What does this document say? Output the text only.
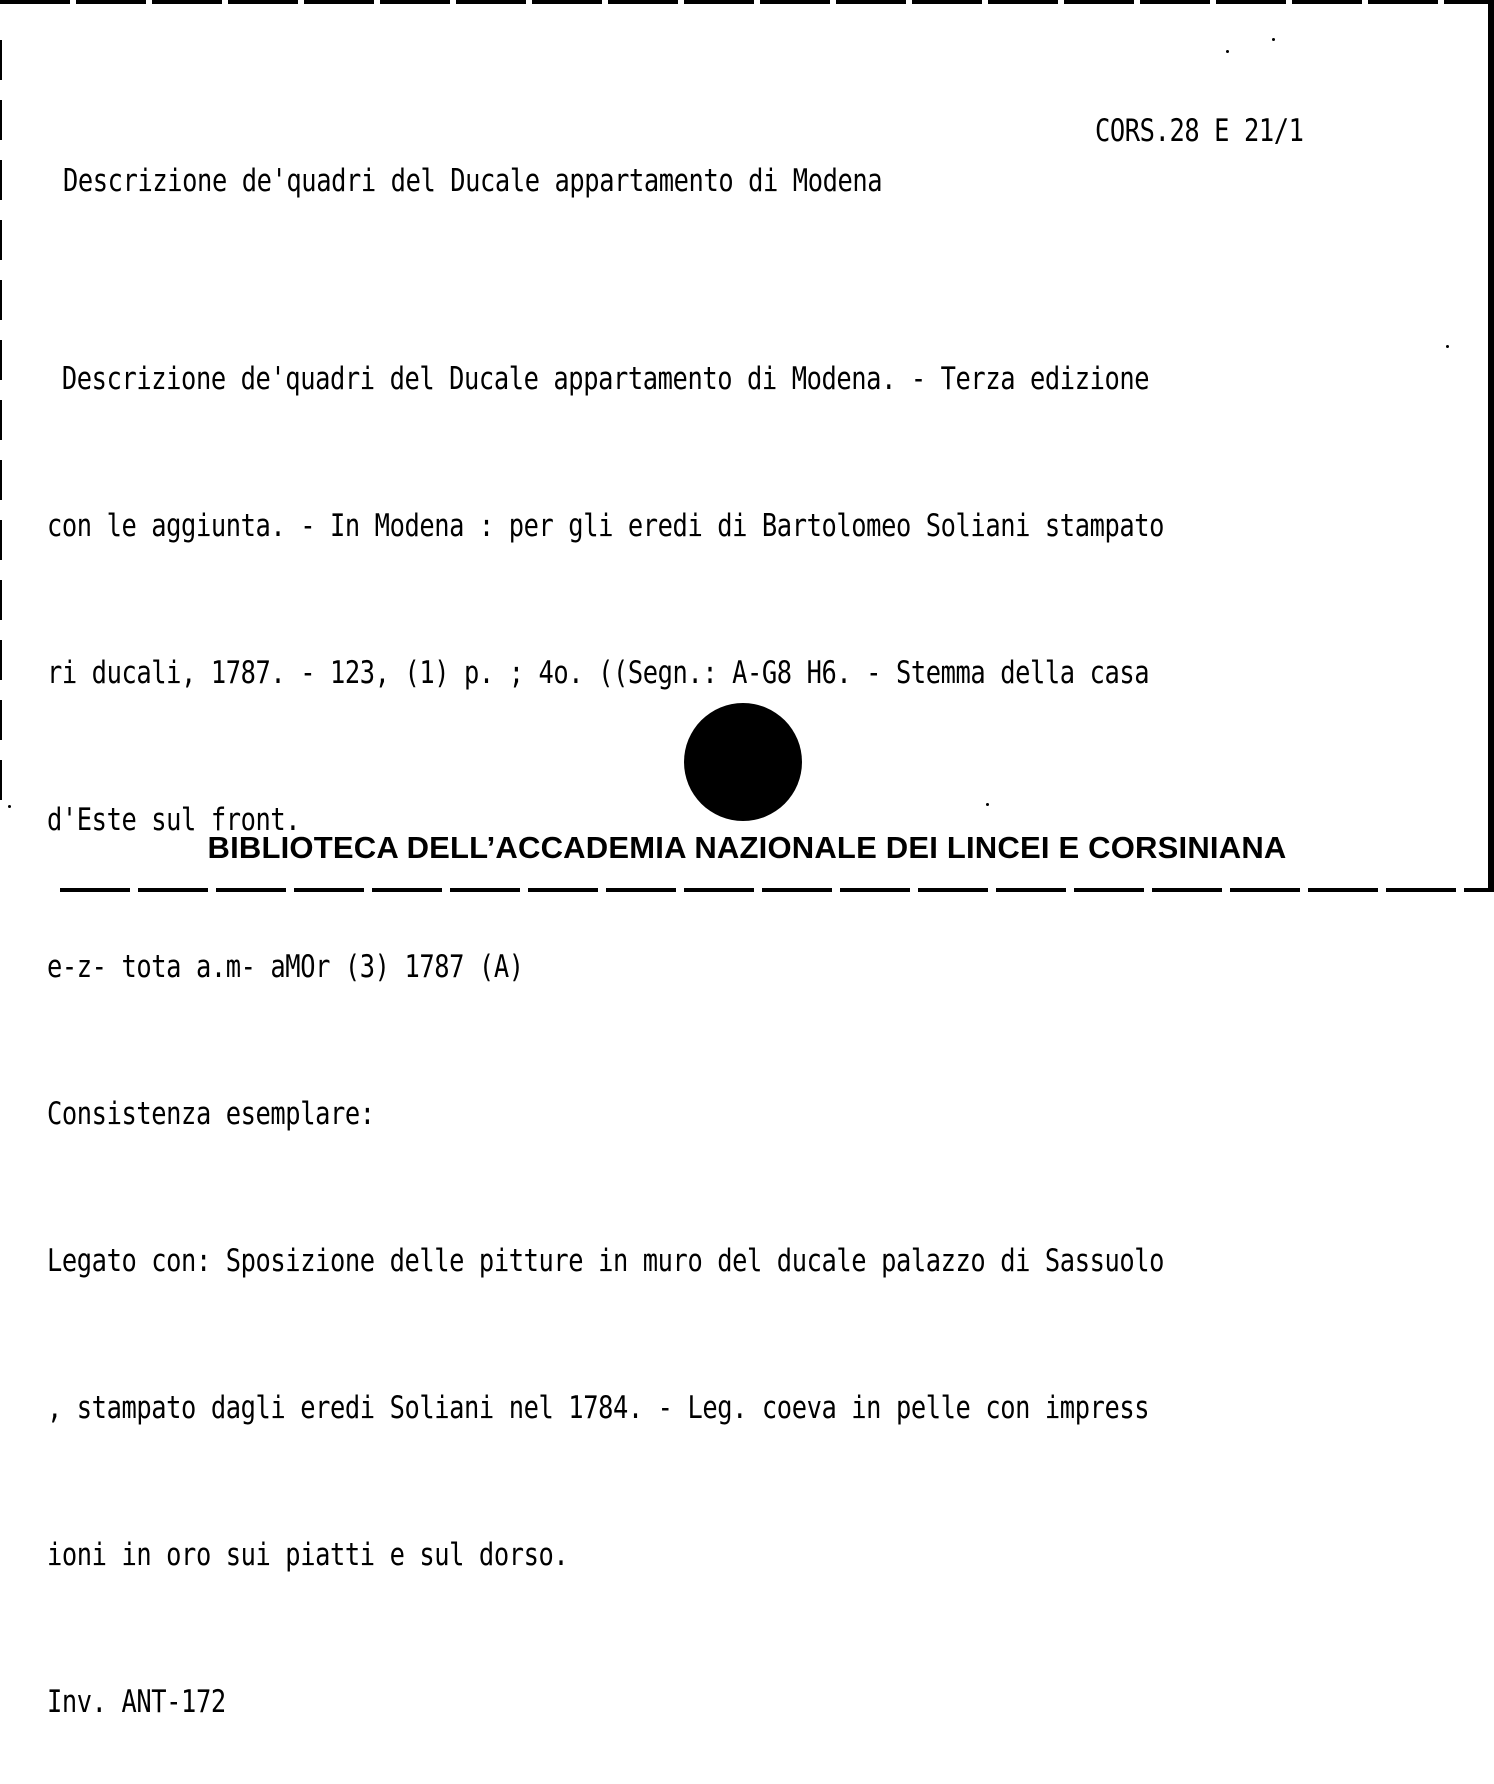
CORS.28 E 21/1
Descrizione de'quadri del Ducale appartamento di Modena

Descrizione de'quadri del Ducale appartamento di Modena. - Terza edizione

con le aggiunta. - In Modena : per gli eredi di Bartolomeo Soliani stampato

ri ducali, 1787. - 123, (1) p. ; 4o. ((Segn.: A-G8 H6. - Stemma della casa

d'Este sul front.

e-z- tota a.m- aMOr (3) 1787 (A)

Consistenza esemplare:

Legato con: Sposizione delle pitture in muro del ducale palazzo di Sassuolo

, stampato dagli eredi Soliani nel 1784. - Leg. coeva in pelle con impress

ioni in oro sui piatti e sul dorso.

Inv. ANT-172

BIBLIOTECA DELL’ACCADEMIA NAZIONALE DEI LINCEI E CORSINIANA
